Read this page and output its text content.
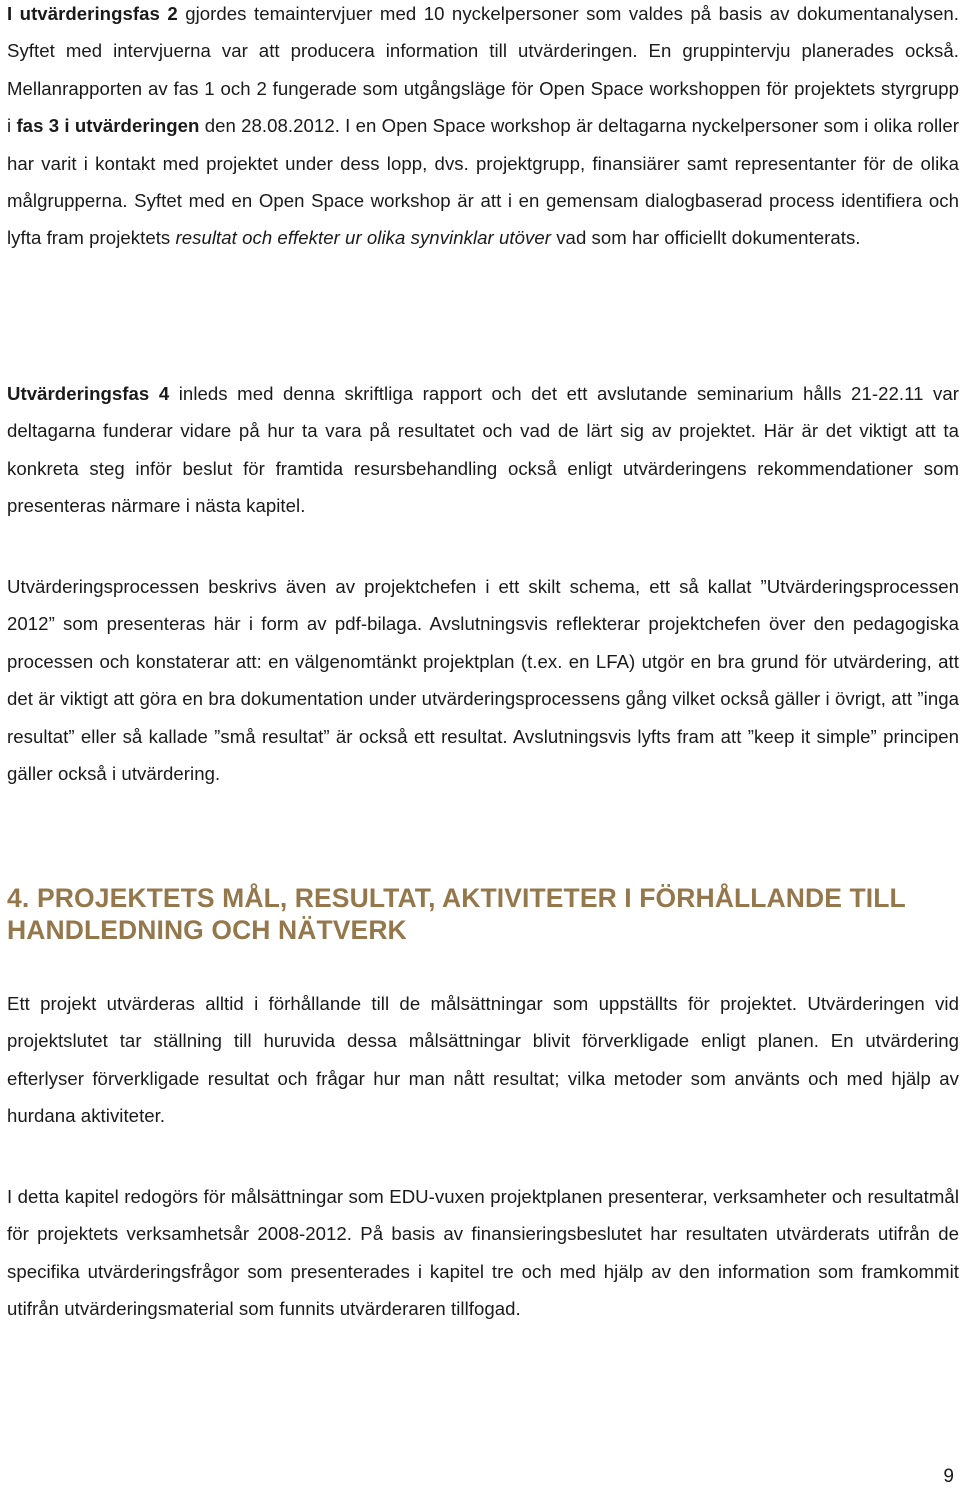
I utvärderingsfas 2 gjordes temaintervjuer med 10 nyckelpersoner som valdes på basis av dokumentanalysen. Syftet med intervjuerna var att producera information till utvärderingen. En gruppintervju planerades också. Mellanrapporten av fas 1 och 2 fungerade som utgångsläge för Open Space workshoppen för projektets styrgrupp i fas 3 i utvärderingen den 28.08.2012. I en Open Space workshop är deltagarna nyckelpersoner som i olika roller har varit i kontakt med projektet under dess lopp, dvs. projektgrupp, finansiärer samt representanter för de olika målgrupperna. Syftet med en Open Space workshop är att i en gemensam dialogbaserad process identifiera och lyfta fram projektets resultat och effekter ur olika synvinklar utöver vad som har officiellt dokumenterats.

Utvärderingsfas 4 inleds med denna skriftliga rapport och det ett avslutande seminarium hålls 21-22.11 var deltagarna funderar vidare på hur ta vara på resultatet och vad de lärt sig av projektet. Här är det viktigt att ta konkreta steg inför beslut för framtida resursbehandling också enligt utvärderingens rekommendationer som presenteras närmare i nästa kapitel.

Utvärderingsprocessen beskrivs även av projektchefen i ett skilt schema, ett så kallat ”Utvärderingsprocessen 2012” som presenteras här i form av pdf-bilaga. Avslutningsvis reflekterar projektchefen över den pedagogiska processen och konstaterar att: en välgenomtänkt projektplan (t.ex. en LFA) utgör en bra grund för utvärdering, att det är viktigt att göra en bra dokumentation under utvärderingsprocessens gång vilket också gäller i övrigt, att ”inga resultat” eller så kallade ”små resultat” är också ett resultat. Avslutningsvis lyfts fram att ”keep it simple” principen gäller också i utvärdering.

4. PROJEKTETS MÅL, RESULTAT, AKTIVITETER I FÖRHÅLLANDE TILL HANDLEDNING OCH NÄTVERK

Ett projekt utvärderas alltid i förhållande till de målsättningar som uppställts för projektet. Utvärderingen vid projektslutet tar ställning till huruvida dessa målsättningar blivit förverkligade enligt planen. En utvärdering efterlyser förverkligade resultat och frågar hur man nått resultat; vilka metoder som använts och med hjälp av hurdana aktiviteter.

I detta kapitel redogörs för målsättningar som EDU-vuxen projektplanen presenterar, verksamheter och resultatmål för projektets verksamhetsår 2008-2012. På basis av finansieringsbeslutet har resultaten utvärderats utifrån de specifika utvärderingsfrågor som presenterades i kapitel tre och med hjälp av den information som framkommit utifrån utvärderingsmaterial som funnits utvärderaren tillfogad.

9
